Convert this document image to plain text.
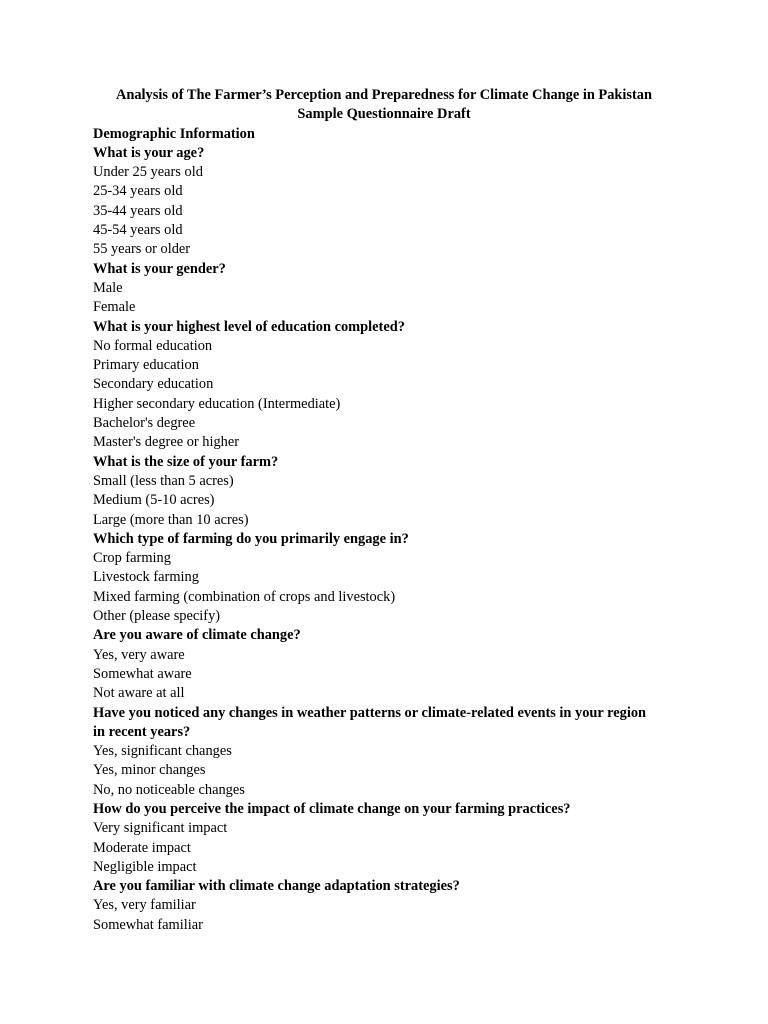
Analysis of The Farmer’s Perception and Preparedness for Climate Change in Pakistan
Sample Questionnaire Draft
Demographic Information
What is your age?
Under 25 years old
25-34 years old
35-44 years old
45-54 years old
55 years or older
What is your gender?
Male
Female
What is your highest level of education completed?
No formal education
Primary education
Secondary education
Higher secondary education (Intermediate)
Bachelor's degree
Master's degree or higher
What is the size of your farm?
Small (less than 5 acres)
Medium (5-10 acres)
Large (more than 10 acres)
Which type of farming do you primarily engage in?
Crop farming
Livestock farming
Mixed farming (combination of crops and livestock)
Other (please specify)
Are you aware of climate change?
Yes, very aware
Somewhat aware
Not aware at all
Have you noticed any changes in weather patterns or climate-related events in your region in recent years?
Yes, significant changes
Yes, minor changes
No, no noticeable changes
How do you perceive the impact of climate change on your farming practices?
Very significant impact
Moderate impact
Negligible impact
Are you familiar with climate change adaptation strategies?
Yes, very familiar
Somewhat familiar
